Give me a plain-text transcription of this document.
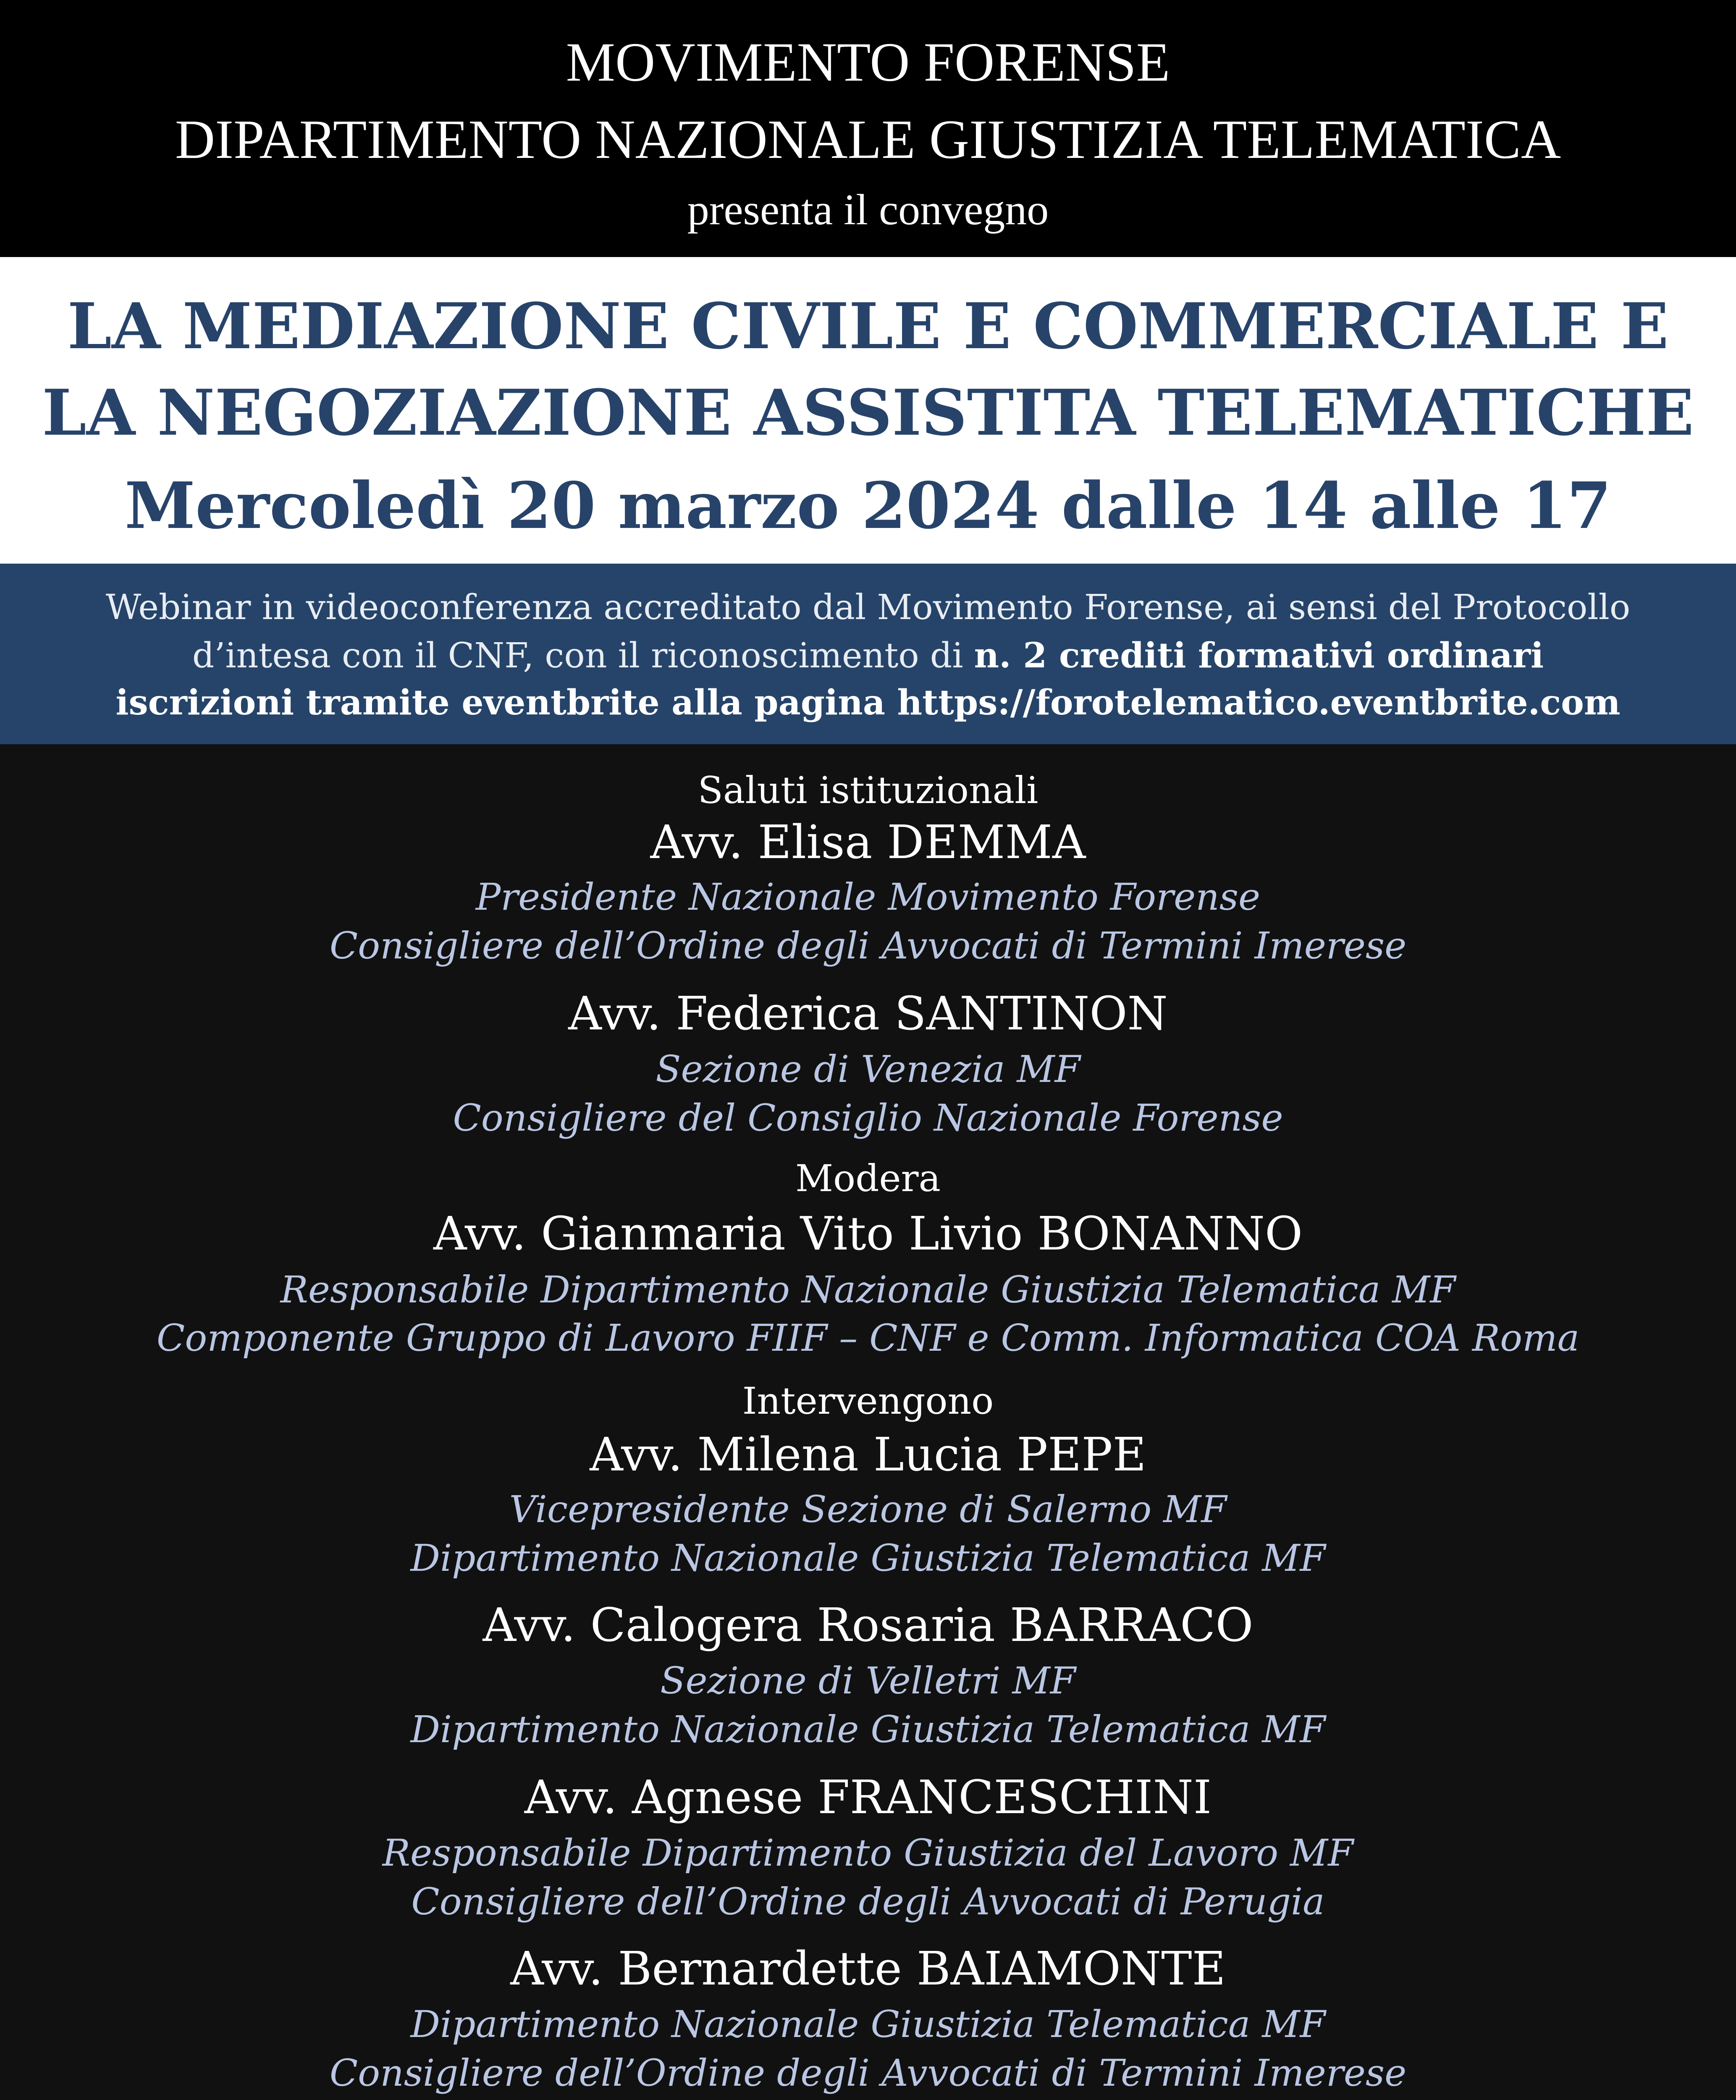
MOVIMENTO FORENSE
DIPARTIMENTO NAZIONALE GIUSTIZIA TELEMATICA
presenta il convegno
LA MEDIAZIONE CIVILE E COMMERCIALE E
LA NEGOZIAZIONE ASSISTITA TELEMATICHE
Mercoledì 20 marzo 2024 dalle 14 alle 17
Webinar in videoconferenza accreditato dal Movimento Forense, ai sensi del Protocollo
d’intesa con il CNF, con il riconoscimento di n. 2 crediti formativi ordinari
iscrizioni tramite eventbrite alla pagina https://forotelematico.eventbrite.com
Saluti istituzionali
Avv. Elisa DEMMA
Presidente Nazionale Movimento Forense
Consigliere dell’Ordine degli Avvocati di Termini Imerese
Avv. Federica SANTINON
Sezione di Venezia MF
Consigliere del Consiglio Nazionale Forense
Modera
Avv. Gianmaria Vito Livio BONANNO
Responsabile Dipartimento Nazionale Giustizia Telematica MF
Componente Gruppo di Lavoro FIIF – CNF e Comm. Informatica COA Roma
Intervengono
Avv. Milena Lucia PEPE
Vicepresidente Sezione di Salerno MF
Dipartimento Nazionale Giustizia Telematica MF
Avv. Calogera Rosaria BARRACO
Sezione di Velletri MF
Dipartimento Nazionale Giustizia Telematica MF
Avv. Agnese FRANCESCHINI
Responsabile Dipartimento Giustizia del Lavoro MF
Consigliere dell’Ordine degli Avvocati di Perugia
Avv. Bernardette BAIAMONTE
Dipartimento Nazionale Giustizia Telematica MF
Consigliere dell’Ordine degli Avvocati di Termini Imerese
